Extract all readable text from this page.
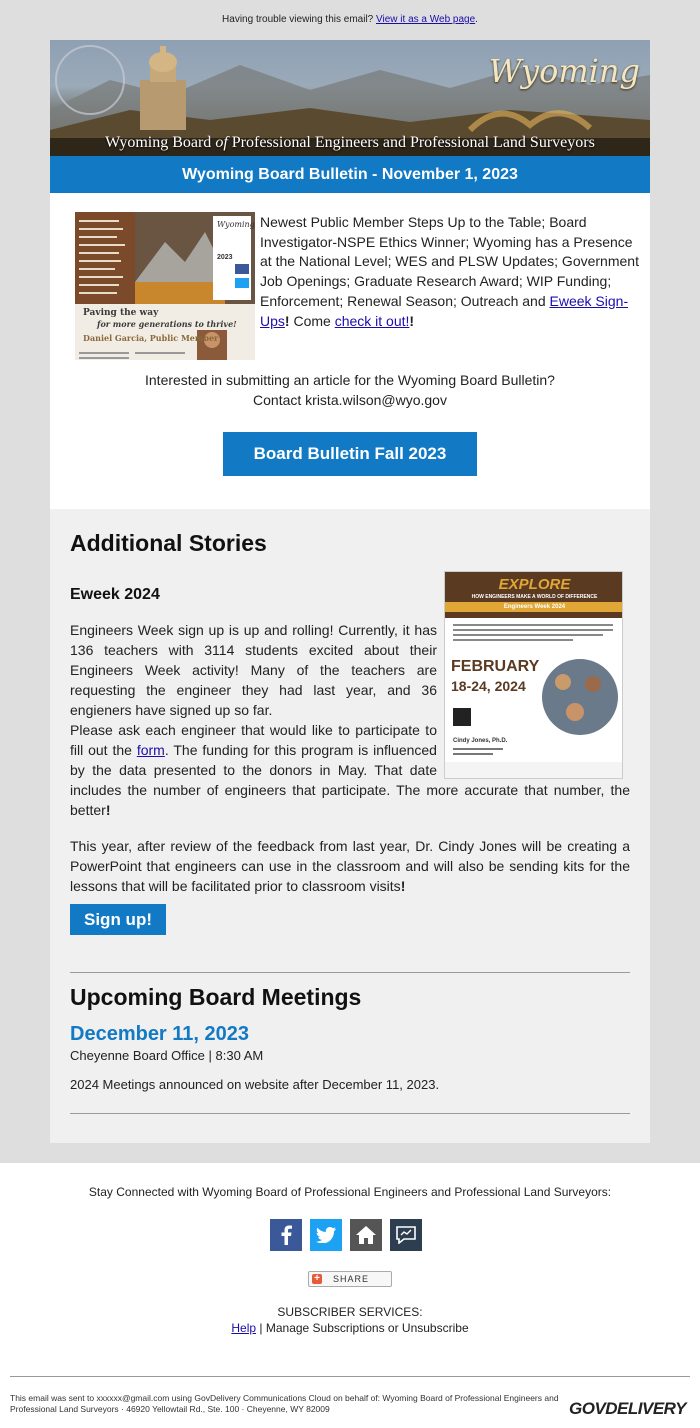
Having trouble viewing this email? View it as a Web page.
Wyoming
Wyoming Board of Professional Engineers and Professional Land Surveyors
Wyoming Board Bulletin - November 1, 2023
Wyoming
2023
Paving the way
for more generations to thrive!
Daniel Garcia, Public Member
Newest Public Member Steps Up to the Table; Board Investigator-NSPE Ethics Winner; Wyoming has a Presence at the National Level; WES and PLSW Updates; Government Job Openings; Graduate Research Award; WIP Funding; Enforcement; Renewal Season; Outreach and Eweek Sign-Ups! Come check it out!!
Interested in submitting an article for the Wyoming Board Bulletin?
Contact krista.wilson@wyo.gov
Board Bulletin Fall 2023
Additional Stories
Eweek 2024
EXPLORE
HOW ENGINEERS MAKE A WORLD OF DIFFERENCE
Engineers Week 2024
FEBRUARY
18-24, 2024
Cindy Jones, Ph.D.
Engineers Week sign up is up and rolling! Currently, it has 136 teachers with 3114 students excited about their Engineers Week activity! Many of the teachers are requesting the engineer they had last year, and 36 engieners have signed up so far.
Please ask each engineer that would like to participate to fill out the form. The funding for this program is influenced by the data presented to the donors in May. That date includes the number of engineers that participate. The more accurate that number, the better!
This year, after review of the feedback from last year, Dr. Cindy Jones will be creating a PowerPoint that engineers can use in the classroom and will also be sending kits for the lessons that will be facilitated prior to classroom visits!
Sign up!
Upcoming Board Meetings
December 11, 2023
Cheyenne Board Office | 8:30 AM
2024 Meetings announced on website after December 11, 2023.
Stay Connected with Wyoming Board of Professional Engineers and Professional Land Surveyors:
+ SHARE
SUBSCRIBER SERVICES:
Help | Manage Subscriptions or Unsubscribe
This email was sent to xxxxxx@gmail.com using GovDelivery Communications Cloud on behalf of: Wyoming Board of Professional Engineers and Professional Land Surveyors · 46920 Yellowtail Rd., Ste. 100 · Cheyenne, WY 82009	GOVDELIVERY
